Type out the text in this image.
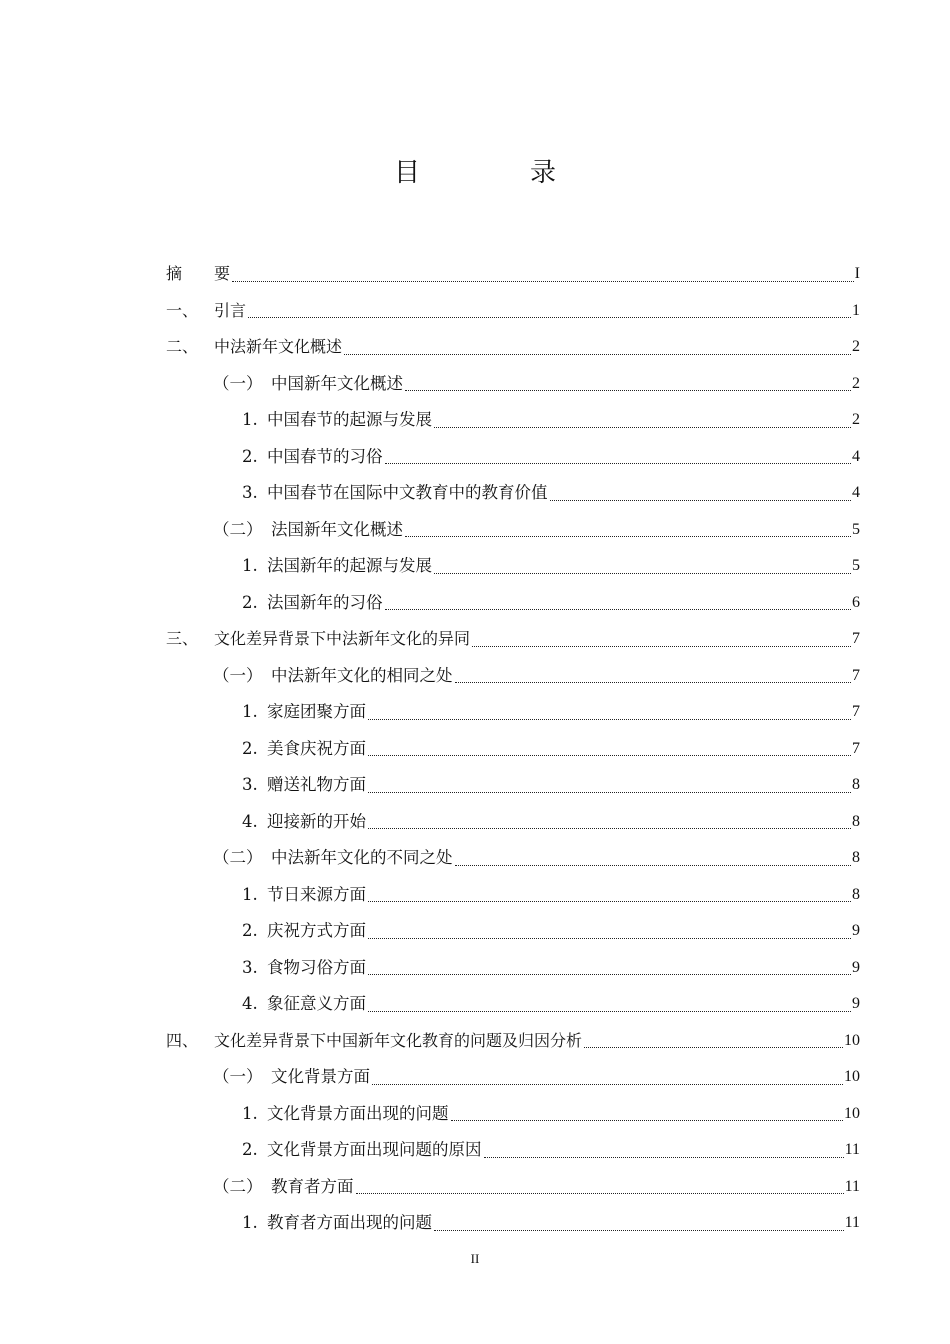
目　录
摘　 要	I
一、 引言	1
二、 中法新年文化概述	2
（一） 中国新年文化概述	2
1. 中国春节的起源与发展	2
2. 中国春节的习俗	4
3. 中国春节在国际中文教育中的教育价值	4
（二） 法国新年文化概述	5
1. 法国新年的起源与发展	5
2. 法国新年的习俗	6
三、 文化差异背景下中法新年文化的异同	7
（一） 中法新年文化的相同之处	7
1. 家庭团聚方面	7
2. 美食庆祝方面	7
3. 赠送礼物方面	8
4. 迎接新的开始	8
（二） 中法新年文化的不同之处	8
1. 节日来源方面	8
2. 庆祝方式方面	9
3. 食物习俗方面	9
4. 象征意义方面	9
四、 文化差异背景下中国新年文化教育的问题及归因分析	10
（一） 文化背景方面	10
1. 文化背景方面出现的问题	10
2. 文化背景方面出现问题的原因	11
（二） 教育者方面	11
1. 教育者方面出现的问题	11
II
